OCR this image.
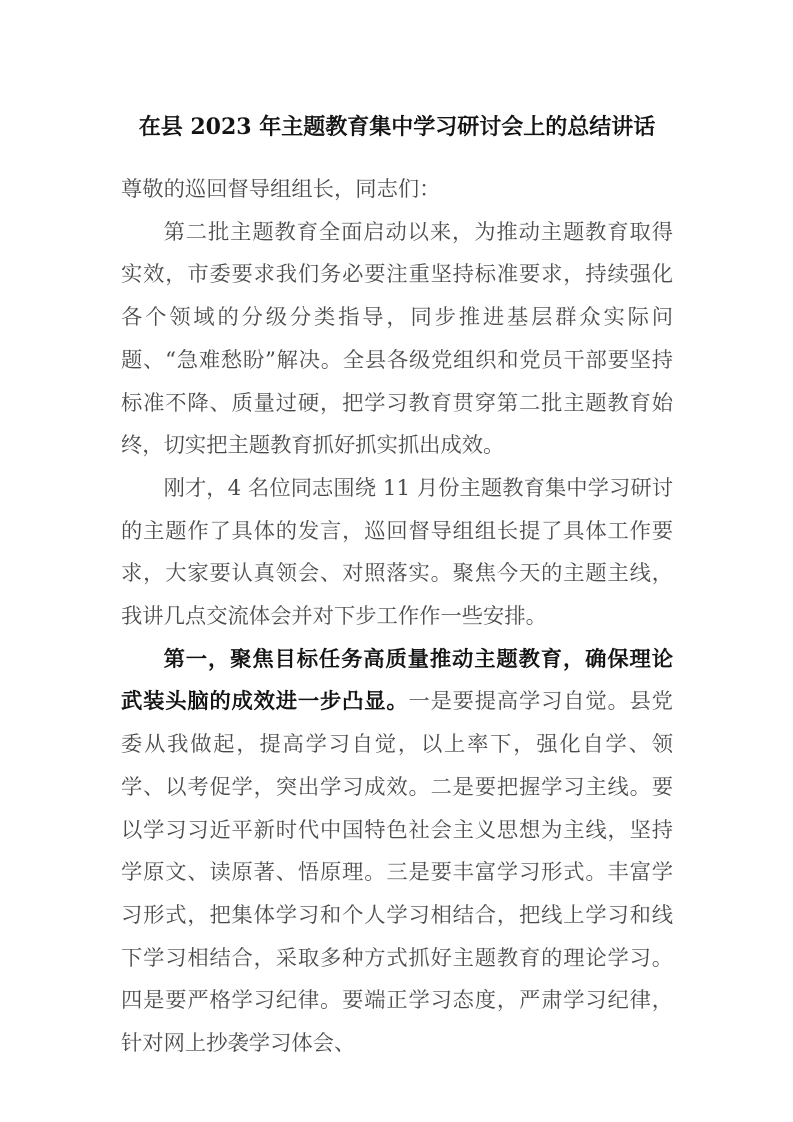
在县 2023 年主题教育集中学习研讨会上的总结讲话

尊敬的巡回督导组组长，同志们：

第二批主题教育全面启动以来，为推动主题教育取得实效，市委要求我们务必要注重坚持标准要求，持续强化各个领域的分级分类指导，同步推进基层群众实际问题、“急难愁盼”解决。全县各级党组织和党员干部要坚持标准不降、质量过硬，把学习教育贯穿第二批主题教育始终，切实把主题教育抓好抓实抓出成效。

刚才，4 名位同志围绕 11 月份主题教育集中学习研讨的主题作了具体的发言，巡回督导组组长提了具体工作要求，大家要认真领会、对照落实。聚焦今天的主题主线，我讲几点交流体会并对下步工作作一些安排。

第一，聚焦目标任务高质量推动主题教育，确保理论武装头脑的成效进一步凸显。一是要提高学习自觉。县党委从我做起，提高学习自觉，以上率下，强化自学、领学、以考促学，突出学习成效。二是要把握学习主线。要以学习习近平新时代中国特色社会主义思想为主线，坚持学原文、读原著、悟原理。三是要丰富学习形式。丰富学习形式，把集体学习和个人学习相结合，把线上学习和线下学习相结合，采取多种方式抓好主题教育的理论学习。四是要严格学习纪律。要端正学习态度，严肃学习纪律，针对网上抄袭学习体会、
